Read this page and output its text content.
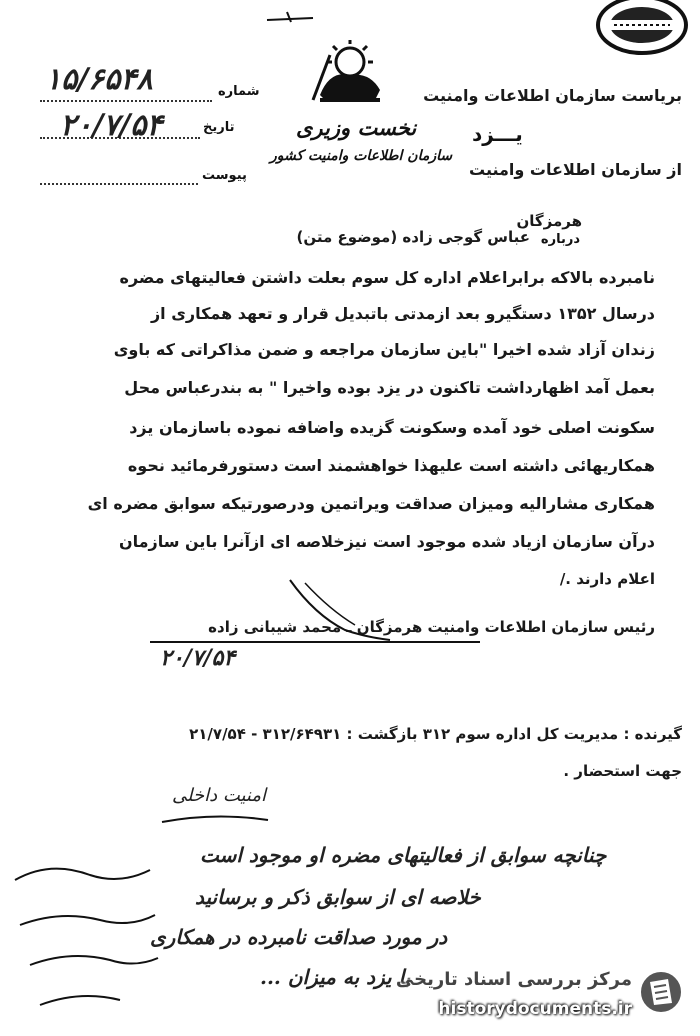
بریاست سازمان اطلاعات وامنیت
یـــزد
از سازمان اطلاعات وامنیت
نخست وزیری
سازمان اطلاعات وامنیت کشور
شماره
۱۵/۶۵۴۸
تاریخ
۲۰/۷/۵۴
پیوست
هرمزگان
درباره
عباس گوجی زاده (موضوع متن)
نامبرده بالاکه برابراعلام اداره کل سوم بعلت داشتن فعالیتهای مضره
درسال ۱۳۵۲ دستگیرو بعد ازمدتی باتبدیل قرار و تعهد همکاری از
زندان آزاد شده اخیرا "باین سازمان مراجعه و ضمن مذاکراتی که باوی
بعمل آمد اظهارداشت تاکنون در یزد بوده واخیرا " به بندرعباس محل
سکونت اصلی خود آمده وسکونت گزیده واضافه نموده باسازمان یزد
همکاریهائی داشته است علیهذا خواهشمند است دستورفرمائید نحوه
همکاری مشارالیه ومیزان صداقت ویراتمین ودرصورتیکه سوابق مضره ای
درآن سازمان ازیاد شده موجود است نیزخلاصه ای ازآنرا باین سازمان
اعلام دارند ./
رئیس سازمان اطلاعات وامنیت هرمزگان ـ محمد شیبانی زاده
۲۰/۷/۵۴
گیرنده : مدیریت کل اداره سوم ۳۱۲ بازگشت : ۳۱۲/۶۴۹۳۱ - ۲۱/۷/۵۴
جهت استحضار .
امنیت داخلی
چنانچه سوابق از فعالیتهای مضره او موجود است
خلاصه ای از سوابق ذکر و برسانید
در مورد صداقت نامبرده در همکاری
با یزد به میزان ...
مرکز بررسی اسناد تاریخی
historydocuments.ir
